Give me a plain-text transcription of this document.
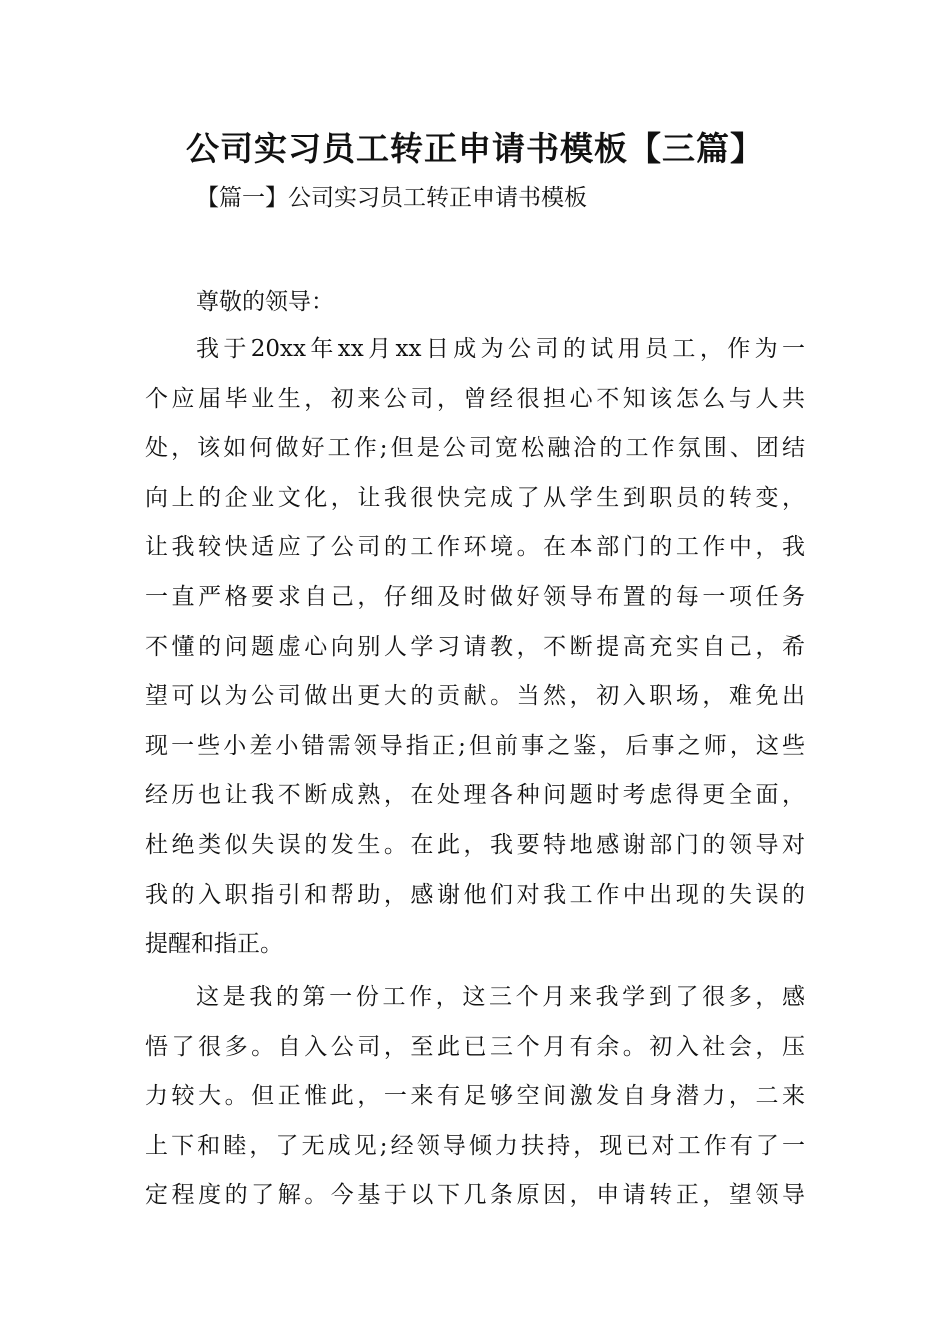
公司实习员工转正申请书模板【三篇】
【篇一】公司实习员工转正申请书模板
尊敬的领导：
我于20xx年xx月xx日成为公司的试用员工，作为一
个应届毕业生，初来公司，曾经很担心不知该怎么与人共
处，该如何做好工作;但是公司宽松融洽的工作氛围、团结
向上的企业文化，让我很快完成了从学生到职员的转变，
让我较快适应了公司的工作环境。在本部门的工作中，我
一直严格要求自己，仔细及时做好领导布置的每一项任务
不懂的问题虚心向别人学习请教，不断提高充实自己，希
望可以为公司做出更大的贡献。当然，初入职场，难免出
现一些小差小错需领导指正;但前事之鉴，后事之师，这些
经历也让我不断成熟，在处理各种问题时考虑得更全面，
杜绝类似失误的发生。在此，我要特地感谢部门的领导对
我的入职指引和帮助，感谢他们对我工作中出现的失误的
提醒和指正。
这是我的第一份工作，这三个月来我学到了很多，感
悟了很多。自入公司，至此已三个月有余。初入社会，压
力较大。但正惟此，一来有足够空间激发自身潜力，二来
上下和睦，了无成见;经领导倾力扶持，现已对工作有了一
定程度的了解。今基于以下几条原因，申请转正，望领导
